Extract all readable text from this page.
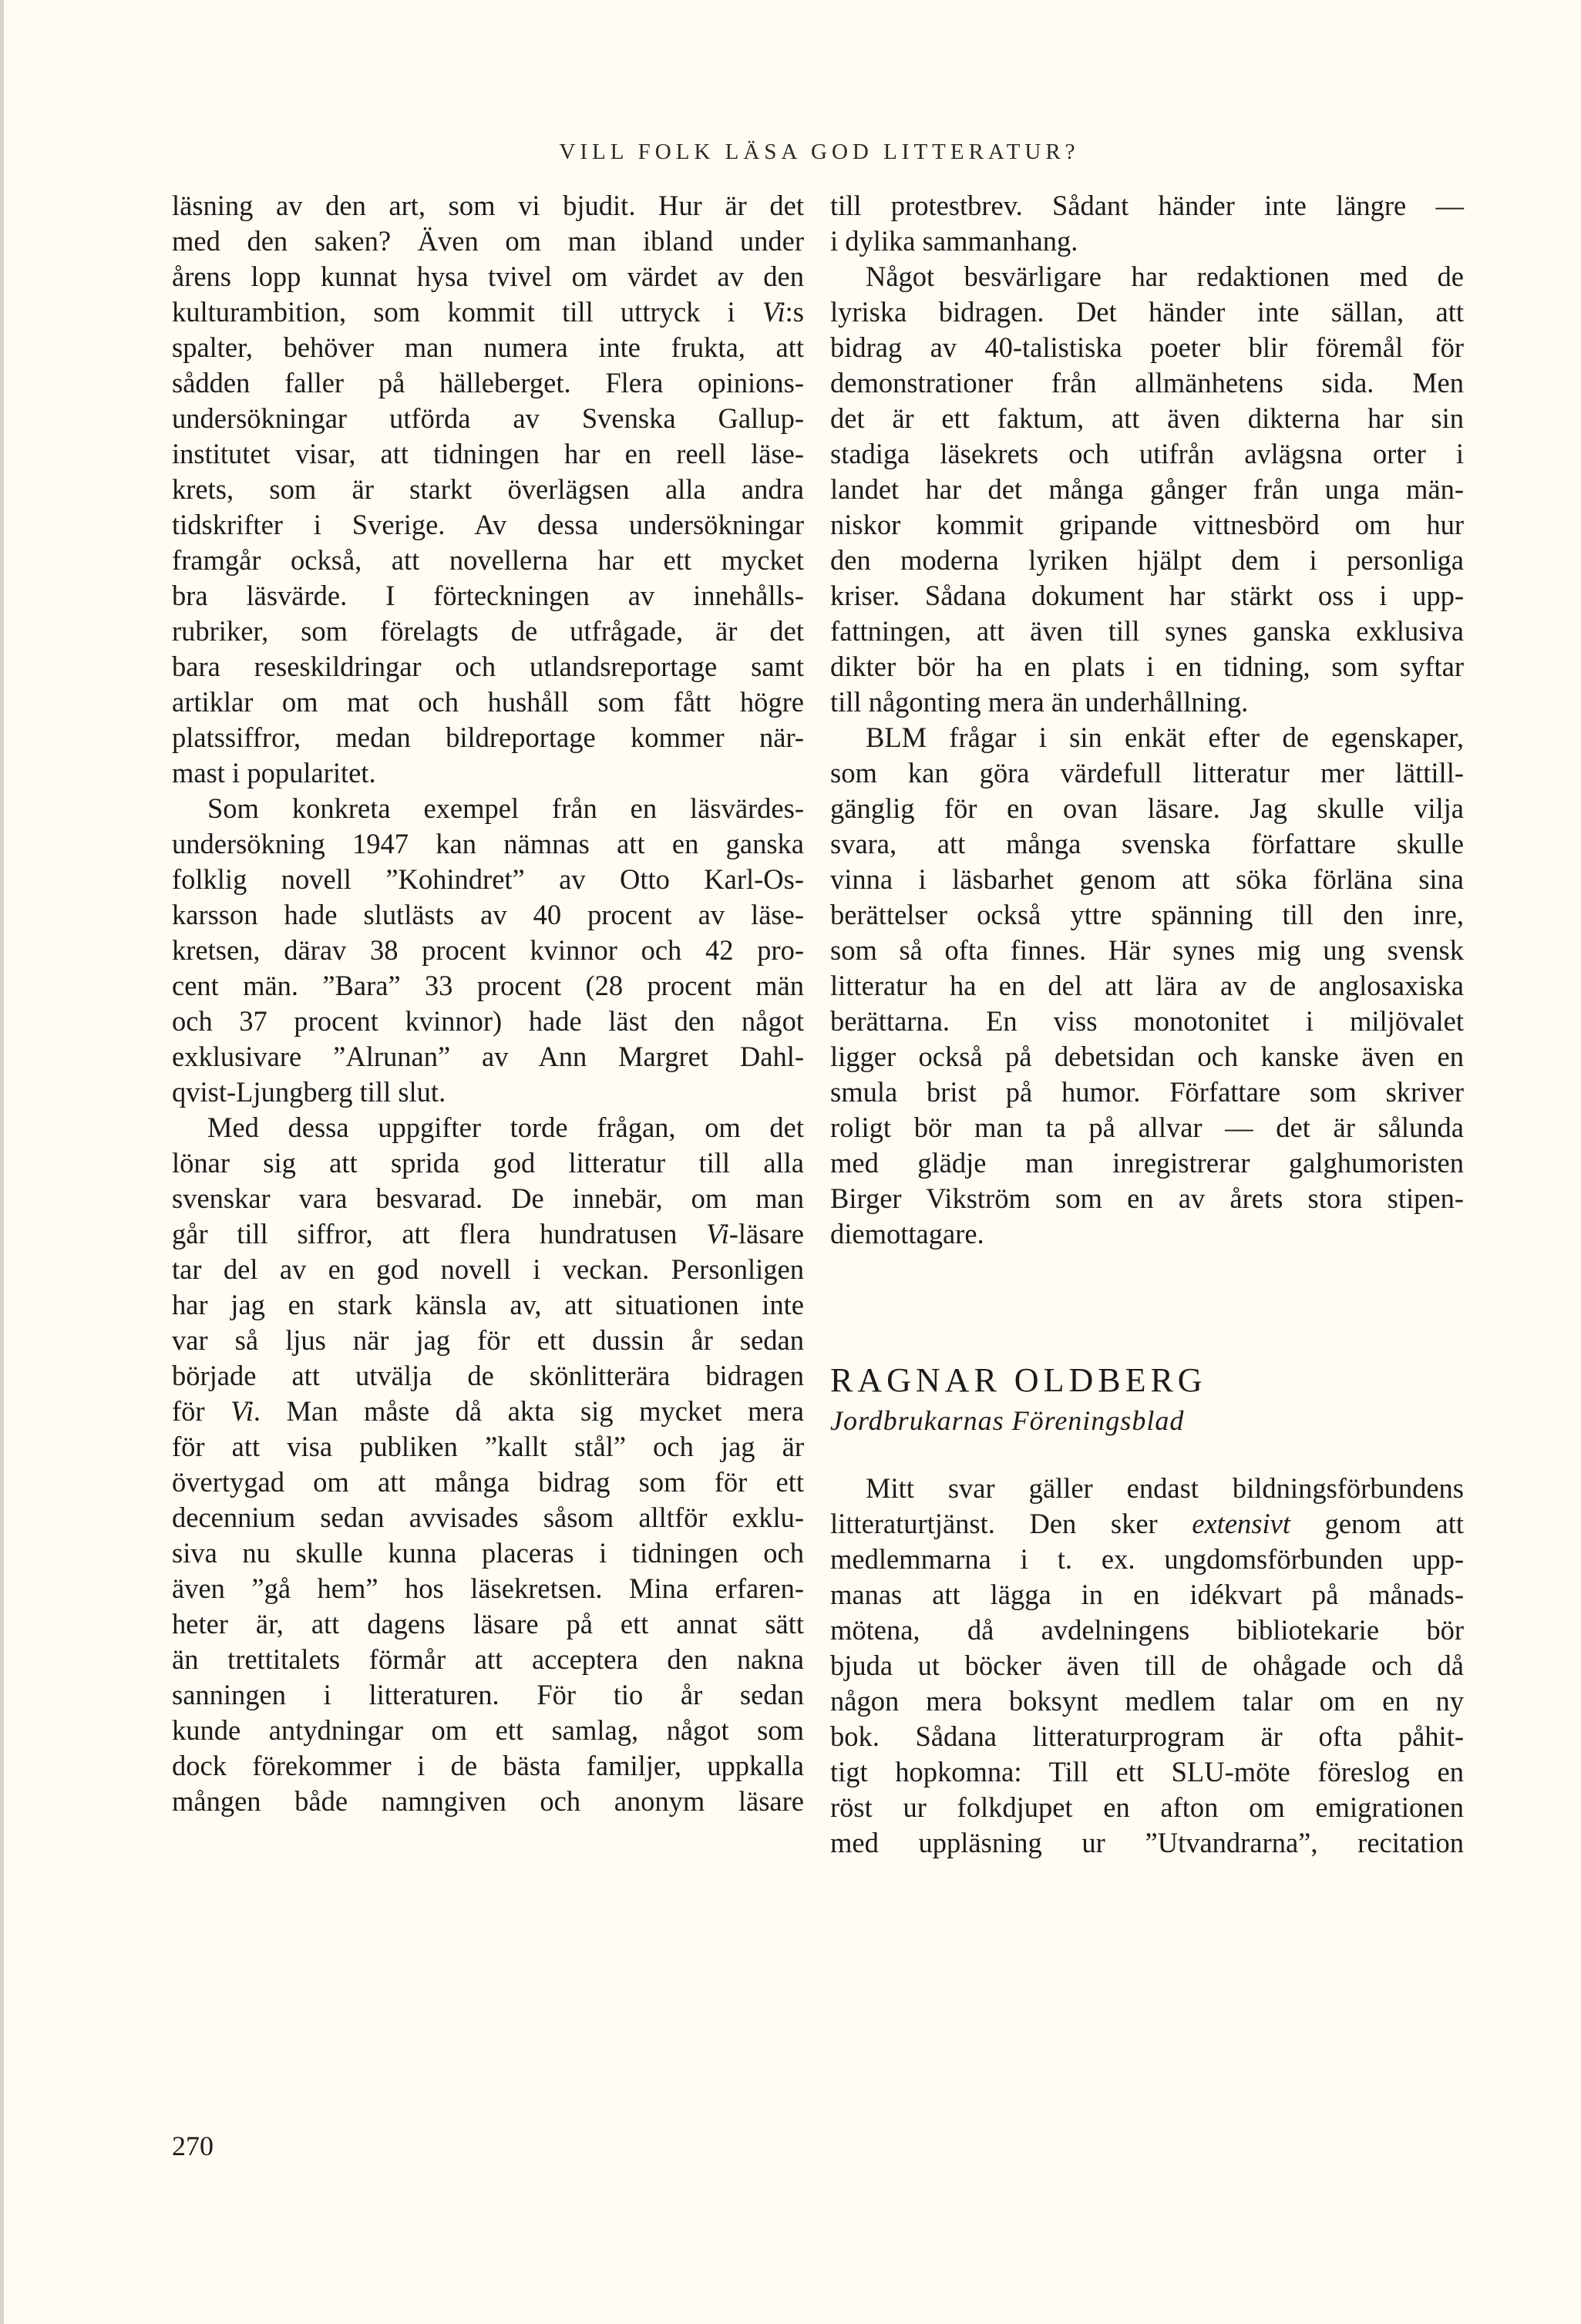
VILL FOLK LÄSA GOD LITTERATUR?
läsning av den art, som vi bjudit. Hur är det
med den saken? Även om man ibland under
årens lopp kunnat hysa tvivel om värdet av den
kulturambition, som kommit till uttryck i Vi:s
spalter, behöver man numera inte frukta, att
sådden faller på hälleberget. Flera opinions-
undersökningar utförda av Svenska Gallup-
institutet visar, att tidningen har en reell läse-
krets, som är starkt överlägsen alla andra
tidskrifter i Sverige. Av dessa undersökningar
framgår också, att novellerna har ett mycket
bra läsvärde. I förteckningen av innehålls-
rubriker, som förelagts de utfrågade, är det
bara reseskildringar och utlandsreportage samt
artiklar om mat och hushåll som fått högre
platssiffror, medan bildreportage kommer när-
mast i popularitet.
Som konkreta exempel från en läsvärdes-
undersökning 1947 kan nämnas att en ganska
folklig novell ”Kohindret” av Otto Karl-Os-
karsson hade slutlästs av 40 procent av läse-
kretsen, därav 38 procent kvinnor och 42 pro-
cent män. ”Bara” 33 procent (28 procent män
och 37 procent kvinnor) hade läst den något
exklusivare ”Alrunan” av Ann Margret Dahl-
qvist-Ljungberg till slut.
Med dessa uppgifter torde frågan, om det
lönar sig att sprida god litteratur till alla
svenskar vara besvarad. De innebär, om man
går till siffror, att flera hundratusen Vi-läsare
tar del av en god novell i veckan. Personligen
har jag en stark känsla av, att situationen inte
var så ljus när jag för ett dussin år sedan
började att utvälja de skönlitterära bidragen
för Vi. Man måste då akta sig mycket mera
för att visa publiken ”kallt stål” och jag är
övertygad om att många bidrag som för ett
decennium sedan avvisades såsom alltför exklu-
siva nu skulle kunna placeras i tidningen och
även ”gå hem” hos läsekretsen. Mina erfaren-
heter är, att dagens läsare på ett annat sätt
än trettitalets förmår att acceptera den nakna
sanningen i litteraturen. För tio år sedan
kunde antydningar om ett samlag, något som
dock förekommer i de bästa familjer, uppkalla
mången både namngiven och anonym läsare
till protestbrev. Sådant händer inte längre —
i dylika sammanhang.
Något besvärligare har redaktionen med de
lyriska bidragen. Det händer inte sällan, att
bidrag av 40-talistiska poeter blir föremål för
demonstrationer från allmänhetens sida. Men
det är ett faktum, att även dikterna har sin
stadiga läsekrets och utifrån avlägsna orter i
landet har det många gånger från unga män-
niskor kommit gripande vittnesbörd om hur
den moderna lyriken hjälpt dem i personliga
kriser. Sådana dokument har stärkt oss i upp-
fattningen, att även till synes ganska exklusiva
dikter bör ha en plats i en tidning, som syftar
till någonting mera än underhållning.
BLM frågar i sin enkät efter de egenskaper,
som kan göra värdefull litteratur mer lättill-
gänglig för en ovan läsare. Jag skulle vilja
svara, att många svenska författare skulle
vinna i läsbarhet genom att söka förläna sina
berättelser också yttre spänning till den inre,
som så ofta finnes. Här synes mig ung svensk
litteratur ha en del att lära av de anglosaxiska
berättarna. En viss monotonitet i miljövalet
ligger också på debetsidan och kanske även en
smula brist på humor. Författare som skriver
roligt bör man ta på allvar — det är sålunda
med glädje man inregistrerar galghumoristen
Birger Vikström som en av årets stora stipen-
diemottagare.
RAGNAR OLDBERG
Jordbrukarnas Föreningsblad
Mitt svar gäller endast bildningsförbundens
litteraturtjänst. Den sker extensivt genom att
medlemmarna i t. ex. ungdomsförbunden upp-
manas att lägga in en idékvart på månads-
mötena, då avdelningens bibliotekarie bör
bjuda ut böcker även till de ohågade och då
någon mera boksynt medlem talar om en ny
bok. Sådana litteraturprogram är ofta påhit-
tigt hopkomna: Till ett SLU-möte föreslog en
röst ur folkdjupet en afton om emigrationen
med uppläsning ur ”Utvandrarna”, recitation
270
